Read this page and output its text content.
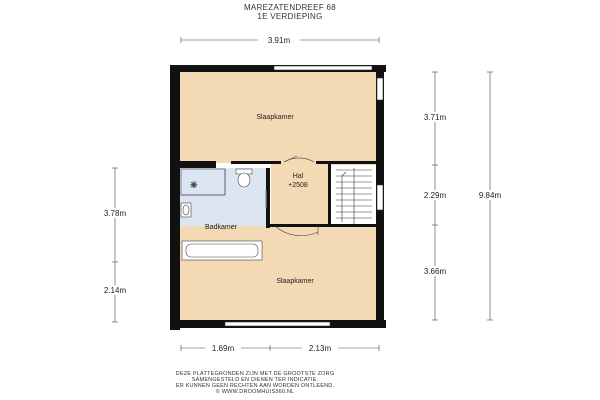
MAREZATENDREEF 68
1E VERDIEPING
✳
Slaapkamer
Hal
+2508
Badkamer
Slaapkamer
3.91m
1.69m	2.13m
3.71m
2.29m
3.66m
9.84m
3.78m
2.14m
DEZE PLATTEGRONDEN ZIJN MET DE GROOTSTE ZORG
SAMENGESTELD EN DIENEN TER INDICATIE.
ER KUNNEN GEEN RECHTEN AAN WORDEN ONTLEEND.
© WWW.DROOMHUIS360.NL
